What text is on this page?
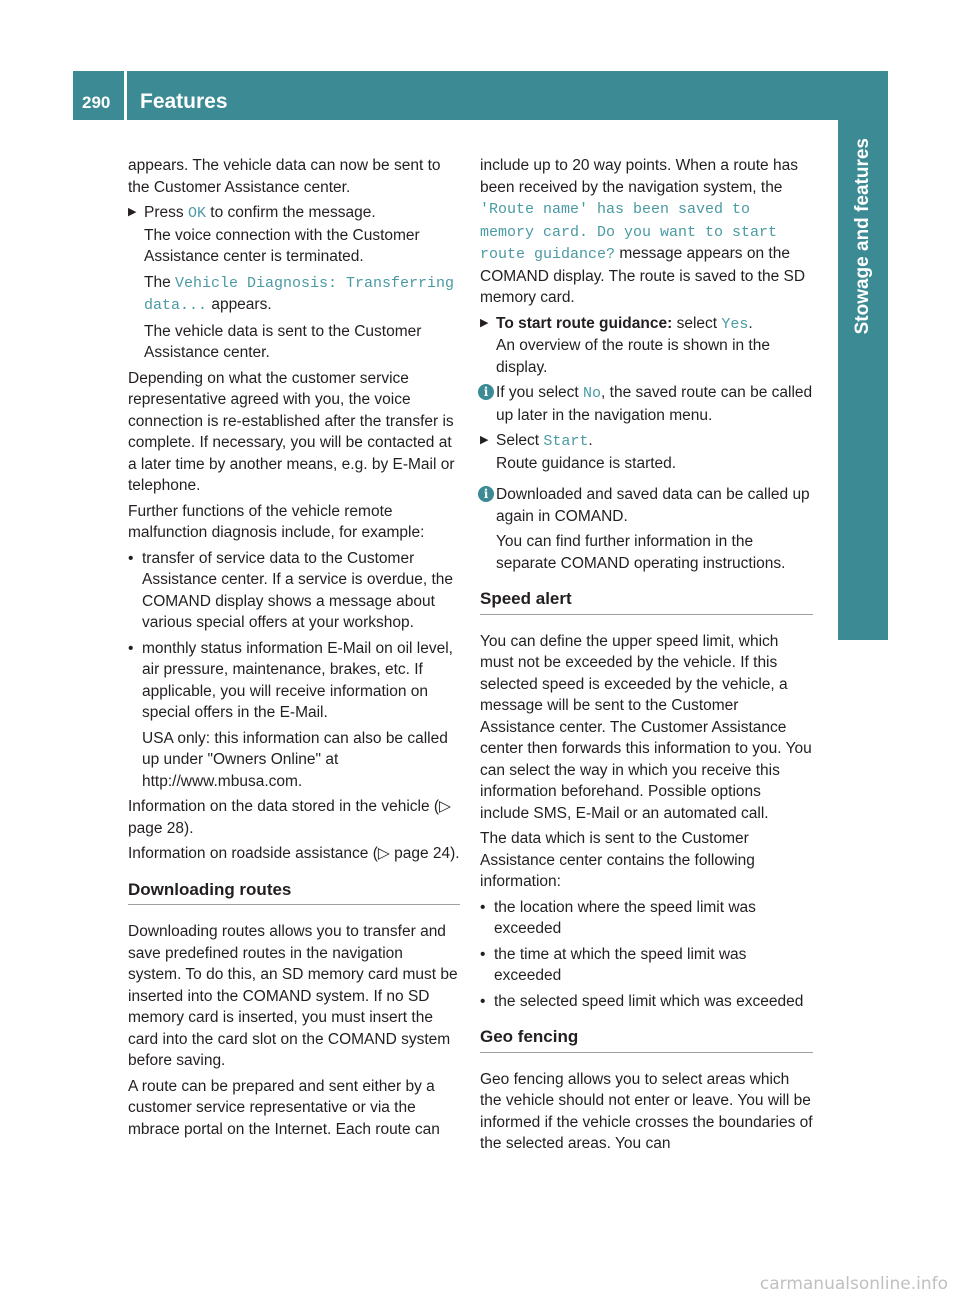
290 Features
Stowage and features

appears. The vehicle data can now be sent to the Customer Assistance center.

▶ Press OK to confirm the message.
The voice connection with the Customer Assistance center is terminated.

The Vehicle Diagnosis: Transferring data... appears.

The vehicle data is sent to the Customer Assistance center.

Depending on what the customer service representative agreed with you, the voice connection is re-established after the transfer is complete. If necessary, you will be contacted at a later time by another means, e.g. by E-Mail or telephone.

Further functions of the vehicle remote malfunction diagnosis include, for example:

• transfer of service data to the Customer Assistance center. If a service is overdue, the COMAND display shows a message about various special offers at your workshop.
• monthly status information E-Mail on oil level, air pressure, maintenance, brakes, etc. If applicable, you will receive information on special offers in the E-Mail.

USA only: this information can also be called up under "Owners Online" at http://www.mbusa.com.

Information on the data stored in the vehicle (▷ page 28).

Information on roadside assistance (▷ page 24).

Downloading routes

Downloading routes allows you to transfer and save predefined routes in the navigation system. To do this, an SD memory card must be inserted into the COMAND system. If no SD memory card is inserted, you must insert the card into the card slot on the COMAND system before saving.

A route can be prepared and sent either by a customer service representative or via the mbrace portal on the Internet. Each route can

include up to 20 way points. When a route has been received by the navigation system, the 'Route name' has been saved to memory card. Do you want to start route guidance? message appears on the COMAND display. The route is saved to the SD memory card.

▶ To start route guidance: select Yes.
An overview of the route is shown in the display.
i If you select No, the saved route can be called up later in the navigation menu.
▶ Select Start.
Route guidance is started.
i Downloaded and saved data can be called up again in COMAND.

You can find further information in the separate COMAND operating instructions.

Speed alert

You can define the upper speed limit, which must not be exceeded by the vehicle. If this selected speed is exceeded by the vehicle, a message will be sent to the Customer Assistance center. The Customer Assistance center then forwards this information to you. You can select the way in which you receive this information beforehand. Possible options include SMS, E-Mail or an automated call.

The data which is sent to the Customer Assistance center contains the following information:

• the location where the speed limit was exceeded
• the time at which the speed limit was exceeded
• the selected speed limit which was exceeded
Geo fencing

Geo fencing allows you to select areas which the vehicle should not enter or leave. You will be informed if the vehicle crosses the boundaries of the selected areas. You can

carmanualsonline.info
